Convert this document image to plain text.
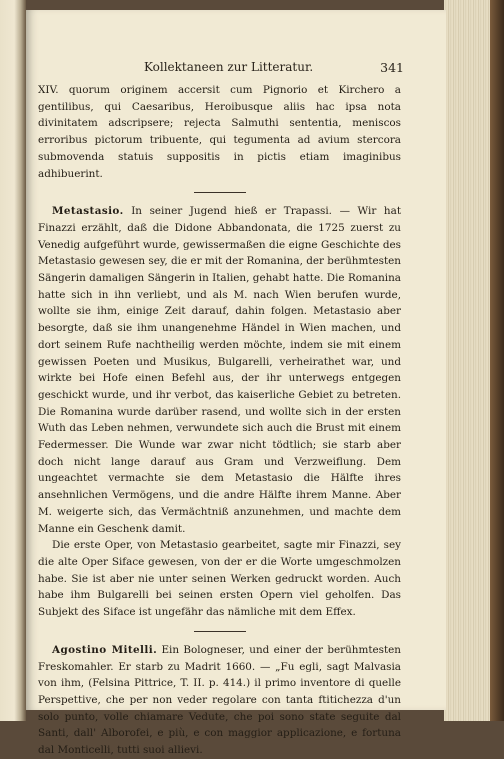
Kollektaneen zur Litteratur.	341

XIV. quorum originem accersit cum Pignorio et Kirchero a gentilibus, qui Caesaribus, Heroibusque aliis hac ipsa nota divinitatem adscripsere; rejecta Salmuthi sententia, meniscos erroribus pictorum tribuente, qui tegumenta ad avium stercora submovenda statuis suppositis in pictis etiam imaginibus adhibuerint.

Metastasio. In seiner Jugend hieß er Trapassi. — Wir hat Finazzi erzählt, daß die Didone Abbandonata, die 1725 zuerst zu Venedig aufgeführt wurde, gewissermaßen die eigne Geschichte des Metastasio gewesen sey, die er mit der Romanina, der berühmtesten Sängerin damaligen Sängerin in Italien, gehabt hatte. Die Romanina hatte sich in ihn verliebt, und als M. nach Wien berufen wurde, wollte sie ihm, einige Zeit darauf, dahin folgen. Metastasio aber besorgte, daß sie ihm unangenehme Händel in Wien machen, und dort seinem Rufe nachtheilig werden möchte, indem sie mit einem gewissen Poeten und Musikus, Bulgarelli, verheirathet war, und wirkte bei Hofe einen Befehl aus, der ihr unterwegs entgegen geschickt wurde, und ihr verbot, das kaiserliche Gebiet zu betreten. Die Romanina wurde darüber rasend, und wollte sich in der ersten Wuth das Leben nehmen, verwundete sich auch die Brust mit einem Federmesser. Die Wunde war zwar nicht tödtlich; sie starb aber doch nicht lange darauf aus Gram und Verzweiflung. Dem ungeachtet vermachte sie dem Metastasio die Hälfte ihres ansehnlichen Vermögens, und die andre Hälfte ihrem Manne. Aber M. weigerte sich, das Vermächtniß anzunehmen, und machte dem Manne ein Geschenk damit.

Die erste Oper, von Metastasio gearbeitet, sagte mir Finazzi, sey die alte Oper Siface gewesen, von der er die Worte umgeschmolzen habe. Sie ist aber nie unter seinen Werken gedruckt worden. Auch habe ihm Bulgarelli bei seinen ersten Opern viel geholfen. Das Subjekt des Siface ist ungefähr das nämliche mit dem Effex.

Agostino Mitelli. Ein Bologneser, und einer der berühmtesten Freskomahler. Er starb zu Madrit 1660. — „Fu egli, sagt Malvasia von ihm, (Felsina Pittrice, T. II. p. 414.) il primo inventore di quelle Perspettive, che per non veder regolare con tanta ftitichezza d'un solo punto, volle chiamare Vedute, che poi sono state seguite dal Santi, dall' Alborofei, e più, e con maggior applicazione, e fortuna dal Monticelli, tutti suoi allievi.
